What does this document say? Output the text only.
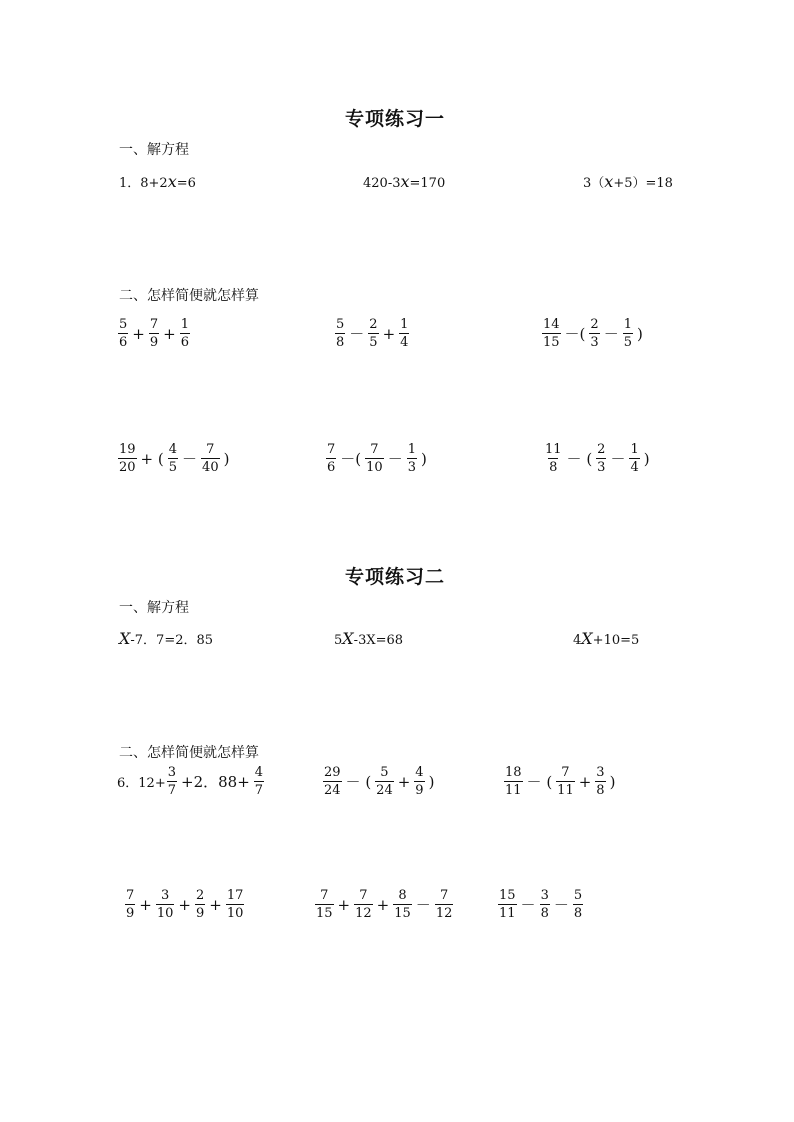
专项练习一
一、解方程
1．8+2x=6	420-3x=170	3（x+5）=18
二、怎样简便就怎样算
$\frac{5}{6} + \frac{7}{9} + \frac{1}{6}$	$\frac{5}{8} - \frac{2}{5} + \frac{1}{4}$	$\frac{14}{15}$ －( $\frac{2}{3} - \frac{1}{5}$ )
$\frac{19}{20}$ + ( $\frac{4}{5} - \frac{7}{40}$ )	$\frac{7}{6}$ －( $\frac{7}{10} - \frac{1}{3}$ )	$\frac{11}{8}$ － ( $\frac{2}{3} - \frac{1}{4}$ )
专项练习二
一、解方程
X-7．7=2．85	5X-3X=68	4X+10=5
二、怎样简便就怎样算
6．$12+ \frac{3}{7} +2$．$88+ \frac{4}{7}$	$\frac{29}{24}$ － ( $\frac{5}{24} + \frac{4}{9}$ )	$\frac{18}{11}$ － ( $\frac{7}{11} + \frac{3}{8}$ )
$\frac{7}{9} + \frac{3}{10} + \frac{2}{9} + \frac{17}{10}$	$\frac{7}{15} + \frac{7}{12} + \frac{8}{15} - \frac{7}{12}$	$\frac{15}{11} - \frac{3}{8} - \frac{5}{8}$
